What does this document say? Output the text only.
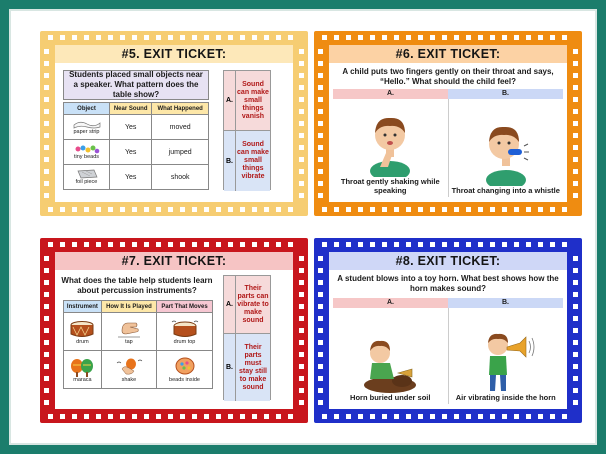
#5. EXIT TICKET:
Students placed small objects near a speaker. What pattern does the table show?
Object	Near Sound	What Happened

paper strip	Yes	moved

tiny beads	Yes	jumped

foil piece	Yes	shook
A.
Sound can make small things vanish
B.
Sound can make small things vibrate
#6. EXIT TICKET:
A child puts two fingers gently on their throat and says, “Hello.” What should the child feel?
A.	B.
Throat gently shaking while speaking	Throat changing into a whistle
#7. EXIT TICKET:
What does the table help students learn about percussion instruments?
Instrument	How It Is Played	Part That Moves

drum	tap	drum top

maraca	shake	beads inside
A.
Their parts can vibrate to make sound
B.
Their parts must stay still to make sound
#8. EXIT TICKET:
A student blows into a toy horn. What best shows how the horn makes sound?
A.	B.
Horn buried under soil	Air vibrating inside the horn
